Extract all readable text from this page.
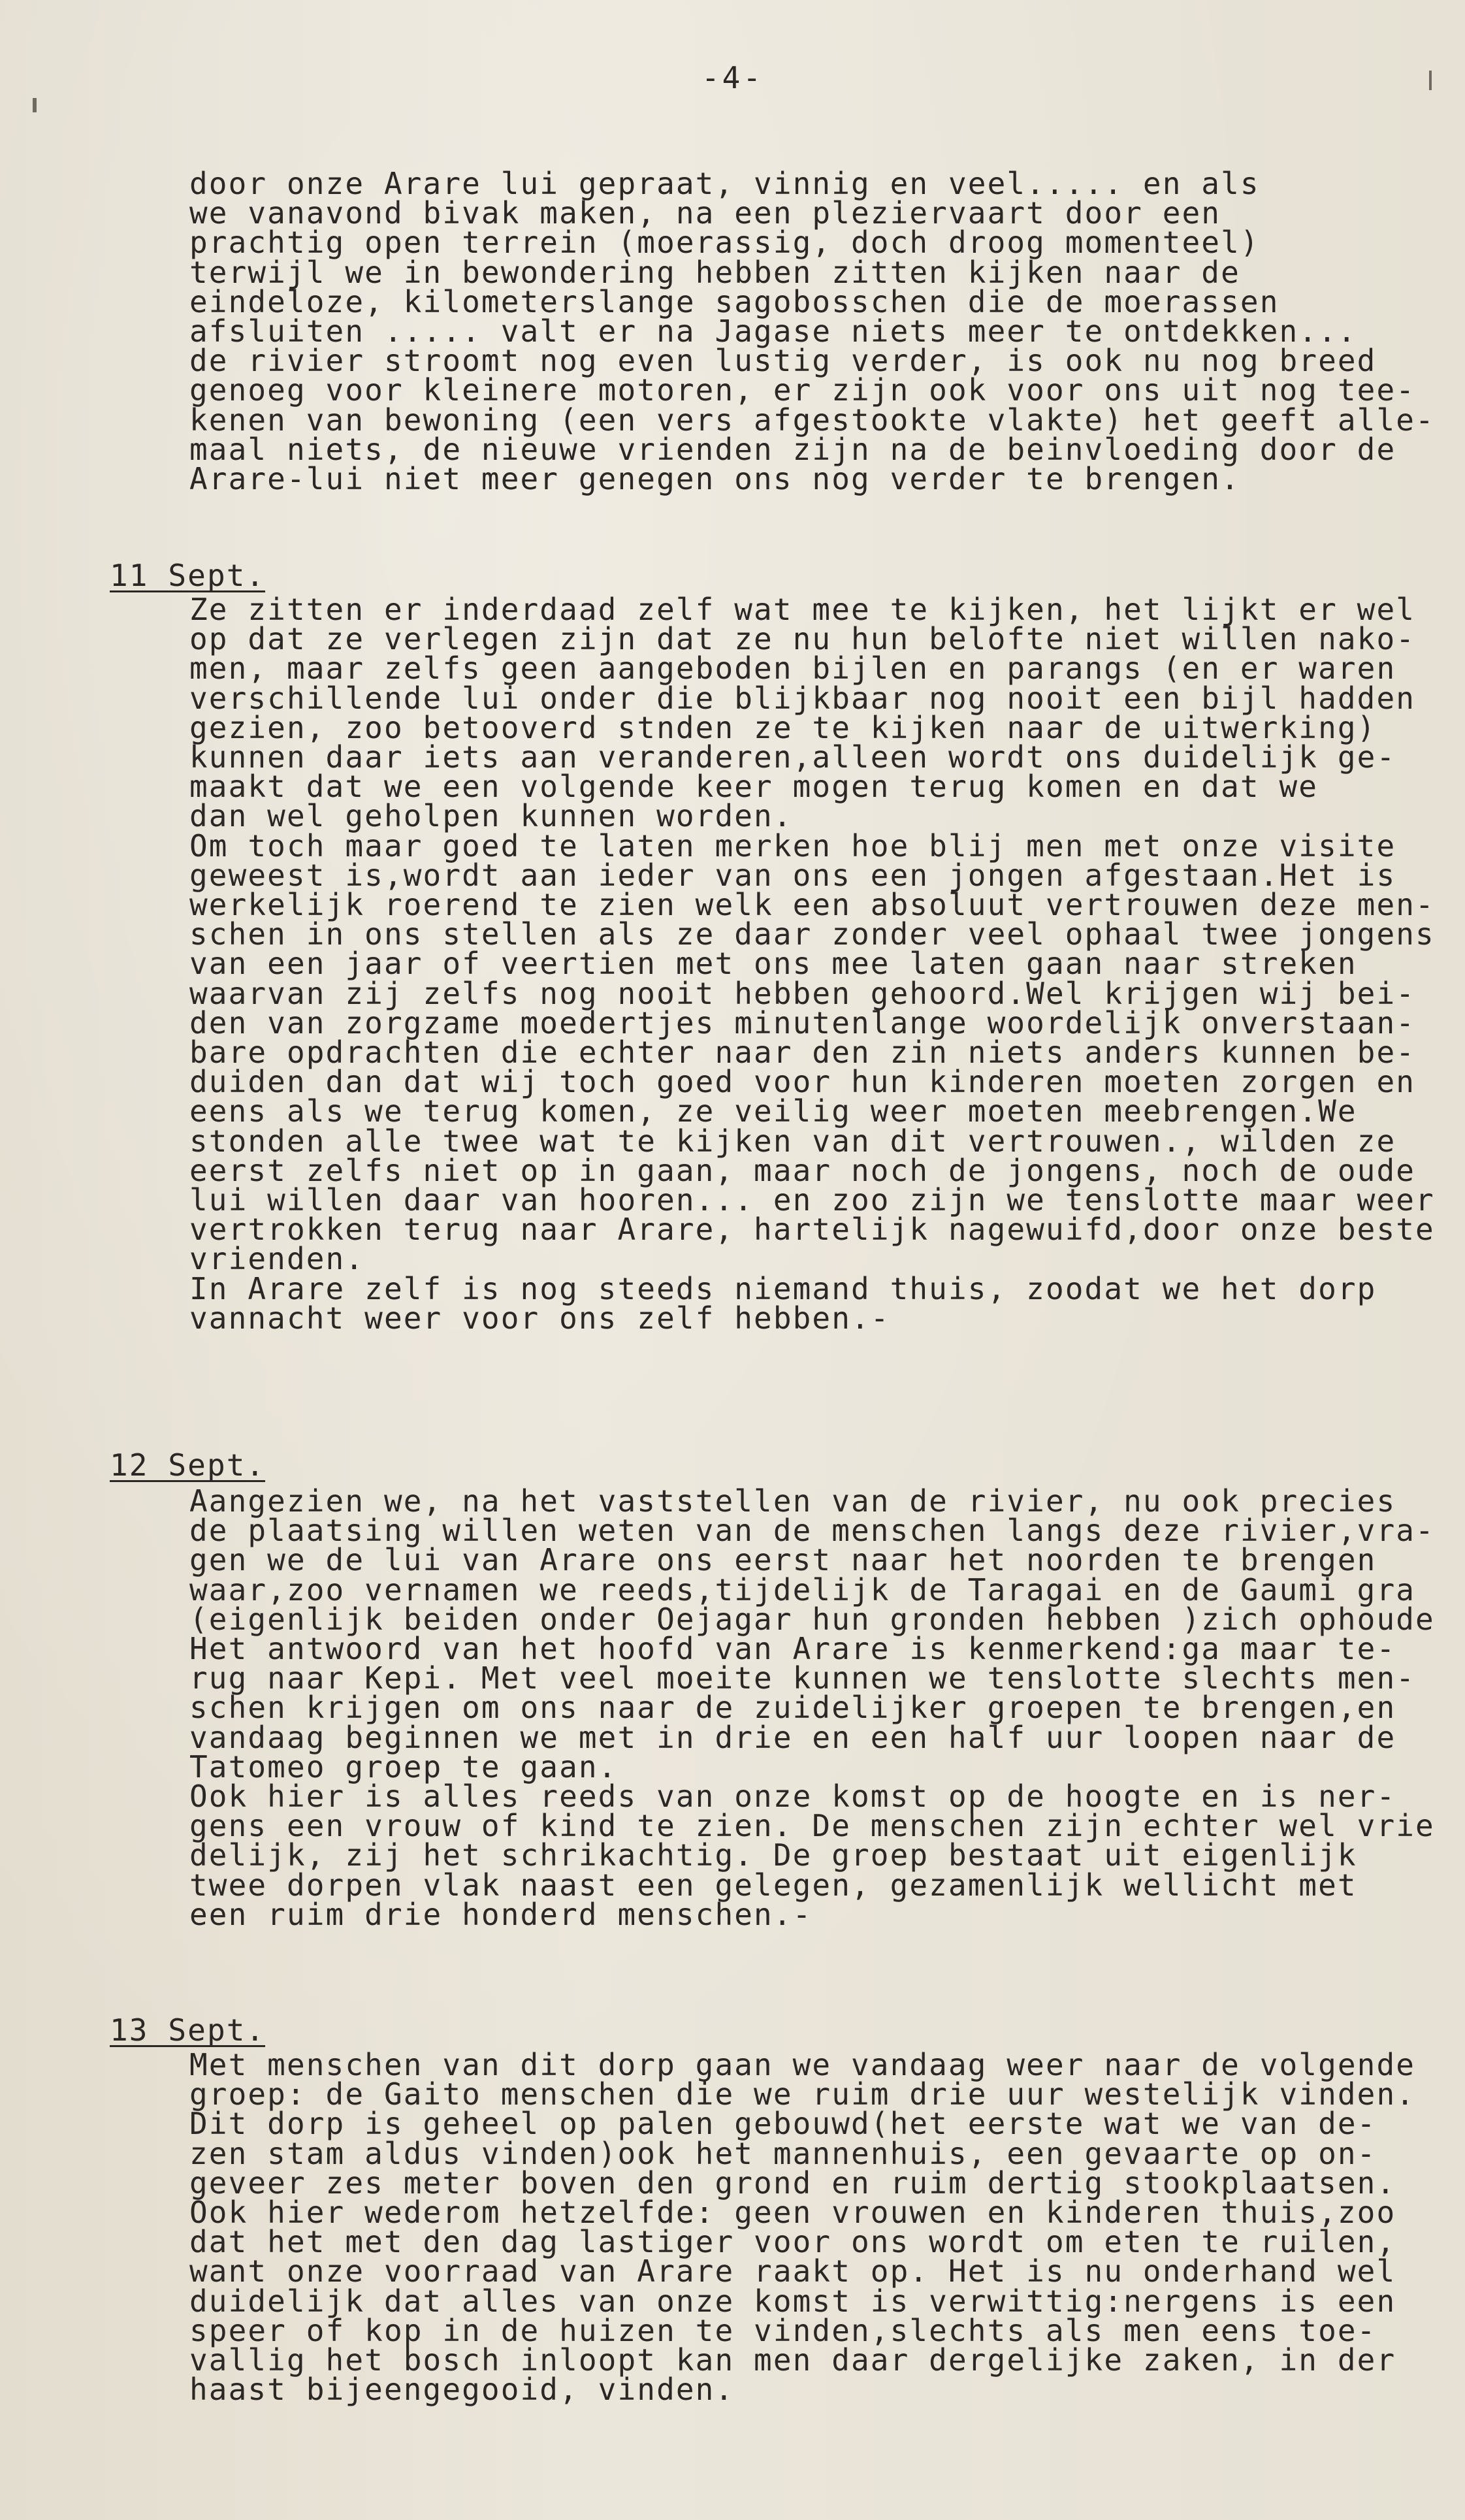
-4-
door onze Arare lui gepraat, vinnig en veel..... en als
we vanavond bivak maken, na een pleziervaart door een
prachtig open terrein (moerassig, doch droog momenteel)
terwijl we in bewondering hebben zitten kijken naar de
eindeloze, kilometerslange sagobosschen die de moerassen
afsluiten ..... valt er na Jagase niets meer te ontdekken...
de rivier stroomt nog even lustig verder, is ook nu nog breed
genoeg voor kleinere motoren, er zijn ook voor ons uit nog tee-
kenen van bewoning (een vers afgestookte vlakte) het geeft alle-
maal niets, de nieuwe vrienden zijn na de beinvloeding door de
Arare-lui niet meer genegen ons nog verder te brengen.
11 Sept.
Ze zitten er inderdaad zelf wat mee te kijken, het lijkt er wel
op dat ze verlegen zijn dat ze nu hun belofte niet willen nako-
men, maar zelfs geen aangeboden bijlen en parangs (en er waren
verschillende lui onder die blijkbaar nog nooit een bijl hadden
gezien, zoo betooverd stnden ze te kijken naar de uitwerking)
kunnen daar iets aan veranderen,alleen wordt ons duidelijk ge-
maakt dat we een volgende keer mogen terug komen en dat we
dan wel geholpen kunnen worden.
Om toch maar goed te laten merken hoe blij men met onze visite
geweest is,wordt aan ieder van ons een jongen afgestaan.Het is
werkelijk roerend te zien welk een absoluut vertrouwen deze men-
schen in ons stellen als ze daar zonder veel ophaal twee jongens
van een jaar of veertien met ons mee laten gaan naar streken
waarvan zij zelfs nog nooit hebben gehoord.Wel krijgen wij bei-
den van zorgzame moedertjes minutenlange woordelijk onverstaan-
bare opdrachten die echter naar den zin niets anders kunnen be-
duiden dan dat wij toch goed voor hun kinderen moeten zorgen en
eens als we terug komen, ze veilig weer moeten meebrengen.We
stonden alle twee wat te kijken van dit vertrouwen., wilden ze
eerst zelfs niet op in gaan, maar noch de jongens, noch de oude
lui willen daar van hooren... en zoo zijn we tenslotte maar weer
vertrokken terug naar Arare, hartelijk nagewuifd,door onze beste
vrienden.
In Arare zelf is nog steeds niemand thuis, zoodat we het dorp
vannacht weer voor ons zelf hebben.-
12 Sept.
Aangezien we, na het vaststellen van de rivier, nu ook precies
de plaatsing willen weten van de menschen langs deze rivier,vra-
gen we de lui van Arare ons eerst naar het noorden te brengen
waar,zoo vernamen we reeds,tijdelijk de Taragai en de Gaumi gra
(eigenlijk beiden onder Oejagar hun gronden hebben )zich ophoude
Het antwoord van het hoofd van Arare is kenmerkend:ga maar te-
rug naar Kepi. Met veel moeite kunnen we tenslotte slechts men-
schen krijgen om ons naar de zuidelijker groepen te brengen,en
vandaag beginnen we met in drie en een half uur loopen naar de
Tatomeo groep te gaan.
Ook hier is alles reeds van onze komst op de hoogte en is ner-
gens een vrouw of kind te zien. De menschen zijn echter wel vrie
delijk, zij het schrikachtig. De groep bestaat uit eigenlijk
twee dorpen vlak naast een gelegen, gezamenlijk wellicht met
een ruim drie honderd menschen.-
13 Sept.
Met menschen van dit dorp gaan we vandaag weer naar de volgende
groep: de Gaito menschen die we ruim drie uur westelijk vinden.
Dit dorp is geheel op palen gebouwd(het eerste wat we van de-
zen stam aldus vinden)ook het mannenhuis, een gevaarte op on-
geveer zes meter boven den grond en ruim dertig stookplaatsen.
Ook hier wederom hetzelfde: geen vrouwen en kinderen thuis,zoo
dat het met den dag lastiger voor ons wordt om eten te ruilen,
want onze voorraad van Arare raakt op. Het is nu onderhand wel
duidelijk dat alles van onze komst is verwittig:nergens is een
speer of kop in de huizen te vinden,slechts als men eens toe-
vallig het bosch inloopt kan men daar dergelijke zaken, in der
haast bijeengegooid, vinden.
